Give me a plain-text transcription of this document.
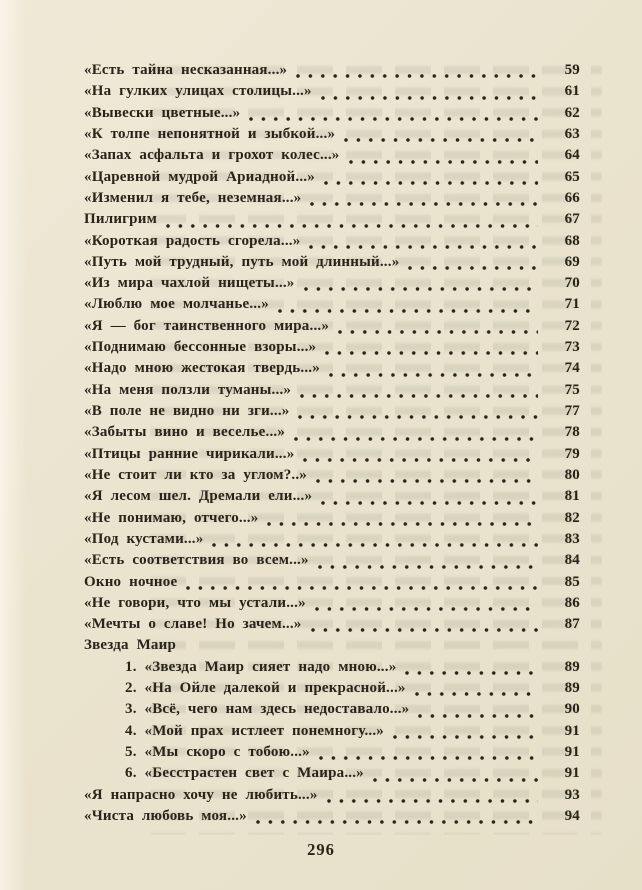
«Есть тайна несказанная...»	59
«На гулких улицах столицы...»	61
«Вывески цветные...»	62
«К толпе непонятной и зыбкой...»	63
«Запах асфальта и грохот колес...»	64
«Царевной мудрой Ариадной...»	65
«Изменил я тебе, неземная...»	66
Пилигрим	67
«Короткая радость сгорела...»	68
«Путь мой трудный, путь мой длинный...»	69
«Из мира чахлой нищеты...»	70
«Люблю мое молчанье...»	71
«Я — бог таинственного мира...»	72
«Поднимаю бессонные взоры...»	73
«Надо мною жестокая твердь...»	74
«На меня ползли туманы...»	75
«В поле не видно ни зги...»	77
«Забыты вино и веселье...»	78
«Птицы ранние чирикали...»	79
«Не стоит ли кто за углом?..»	80
«Я лесом шел. Дремали ели...»	81
«Не понимаю, отчего...»	82
«Под кустами...»	83
«Есть соответствия во всем...»	84
Окно ночное	85
«Не говори, что мы устали...»	86
«Мечты о славе! Но зачем...»	87
Звезда Маир
1. «Звезда Маир сияет надо мною...»	89
2. «На Ойле далекой и прекрасной...»	89
3. «Всё, чего нам здесь недоставало...»	90
4. «Мой прах истлеет понемногу...»	91
5. «Мы скоро с тобою...»	91
6. «Бесстрастен свет с Маира...»	91
«Я напрасно хочу не любить...»	93
«Чиста любовь моя...»	94
296
